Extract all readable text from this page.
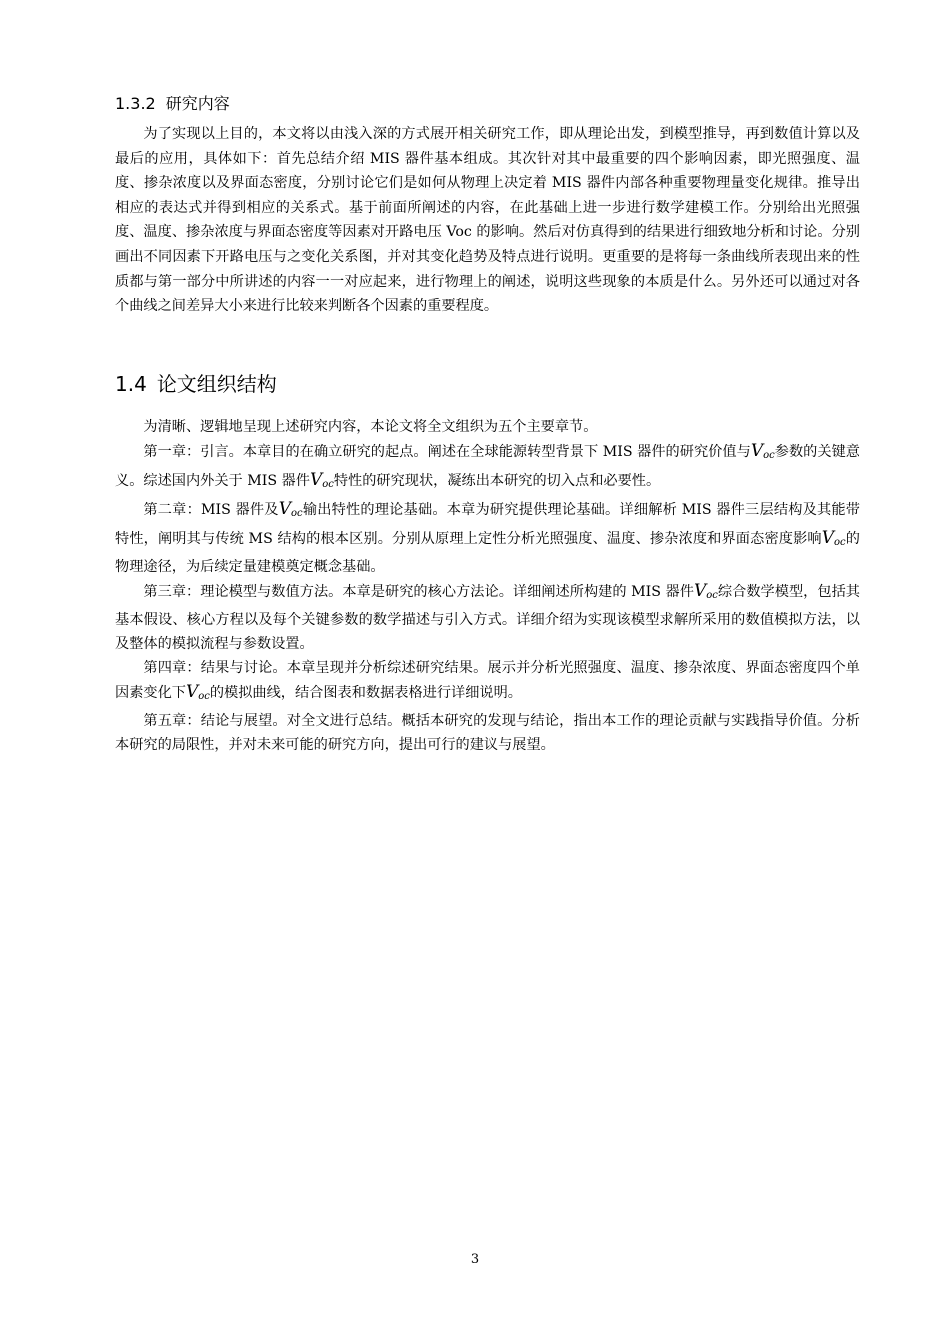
1.3.2 研究内容

为了实现以上目的，本文将以由浅入深的方式展开相关研究工作，即从理论出发，到模型推导，再到数值计算以及最后的应用，具体如下：首先总结介绍 MIS 器件基本组成。其次针对其中最重要的四个影响因素，即光照强度、温度、掺杂浓度以及界面态密度，分别讨论它们是如何从物理上决定着 MIS 器件内部各种重要物理量变化规律。推导出相应的表达式并得到相应的关系式。基于前面所阐述的内容，在此基础上进一步进行数学建模工作。分别给出光照强度、温度、掺杂浓度与界面态密度等因素对开路电压 Voc 的影响。然后对仿真得到的结果进行细致地分析和讨论。分别画出不同因素下开路电压与之变化关系图，并对其变化趋势及特点进行说明。更重要的是将每一条曲线所表现出来的性质都与第一部分中所讲述的内容一一对应起来，进行物理上的阐述，说明这些现象的本质是什么。另外还可以通过对各个曲线之间差异大小来进行比较来判断各个因素的重要程度。

1.4 论文组织结构

为清晰、逻辑地呈现上述研究内容，本论文将全文组织为五个主要章节。

第一章：引言。本章目的在确立研究的起点。阐述在全球能源转型背景下 MIS 器件的研究价值与$V_{oc}$参数的关键意义。综述国内外关于 MIS 器件$V_{oc}$特性的研究现状，凝练出本研究的切入点和必要性。

第二章：MIS 器件及$V_{oc}$输出特性的理论基础。本章为研究提供理论基础。详细解析 MIS 器件三层结构及其能带特性，阐明其与传统 MS 结构的根本区别。分别从原理上定性分析光照强度、温度、掺杂浓度和界面态密度影响$V_{oc}$的物理途径，为后续定量建模奠定概念基础。

第三章：理论模型与数值方法。本章是研究的核心方法论。详细阐述所构建的 MIS 器件$V_{oc}$综合数学模型，包括其基本假设、核心方程以及每个关键参数的数学描述与引入方式。详细介绍为实现该模型求解所采用的数值模拟方法，以及整体的模拟流程与参数设置。

第四章：结果与讨论。本章呈现并分析综述研究结果。展示并分析光照强度、温度、掺杂浓度、界面态密度四个单因素变化下$V_{oc}$的模拟曲线，结合图表和数据表格进行详细说明。

第五章：结论与展望。对全文进行总结。概括本研究的发现与结论，指出本工作的理论贡献与实践指导价值。分析本研究的局限性，并对未来可能的研究方向，提出可行的建议与展望。

3
